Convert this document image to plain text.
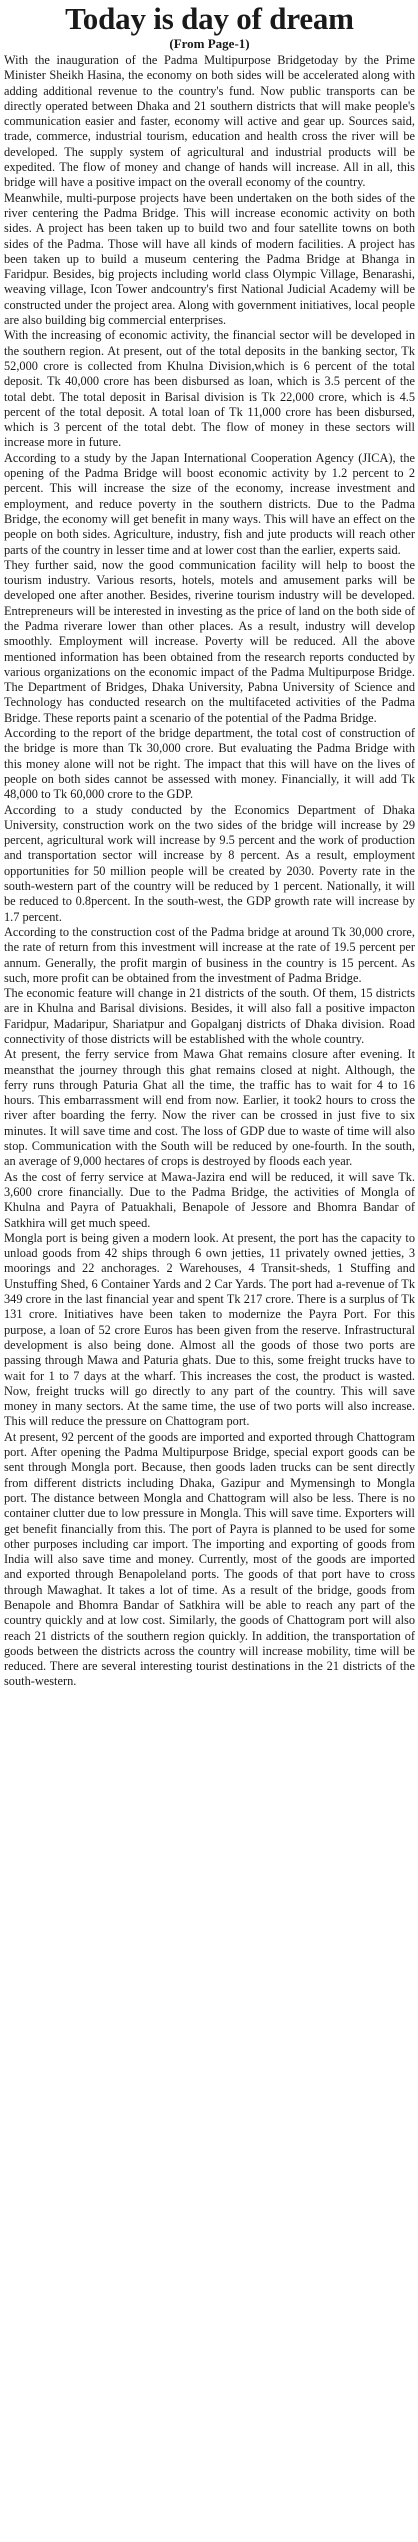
Today is day of dream
(From Page-1)

With the inauguration of the Padma Multipurpose Bridgetoday by the Prime Minister Sheikh Hasina, the economy on both sides will be accelerated along with adding additional revenue to the country's fund. Now public transports can be directly operated between Dhaka and 21 southern districts that will make people's communication easier and faster, economy will active and gear up. Sources said, trade, commerce, industrial tourism, education and health cross the river will be developed. The supply system of agricultural and industrial products will be expedited. The flow of money and change of hands will increase. All in all, this bridge will have a positive impact on the overall economy of the country.

Meanwhile, multi-purpose projects have been undertaken on the both sides of the river centering the Padma Bridge. This will increase economic activity on both sides. A project has been taken up to build two and four satellite towns on both sides of the Padma. Those will have all kinds of modern facilities. A project has been taken up to build a museum centering the Padma Bridge at Bhanga in Faridpur. Besides, big projects including world class Olympic Village, Benarashi, weaving village, Icon Tower andcountry's first National Judicial Academy will be constructed under the project area. Along with government initiatives, local people are also building big commercial enterprises.

With the increasing of economic activity, the financial sector will be developed in the southern region. At present, out of the total deposits in the banking sector, Tk 52,000 crore is collected from Khulna Division,which is 6 percent of the total deposit. Tk 40,000 crore has been disbursed as loan, which is 3.5 percent of the total debt. The total deposit in Barisal division is Tk 22,000 crore, which is 4.5 percent of the total deposit. A total loan of Tk 11,000 crore has been disbursed, which is 3 percent of the total debt. The flow of money in these sectors will increase more in future.

According to a study by the Japan International Cooperation Agency (JICA), the opening of the Padma Bridge will boost economic activity by 1.2 percent to 2 percent. This will increase the size of the economy, increase investment and employment, and reduce poverty in the southern districts. Due to the Padma Bridge, the economy will get benefit in many ways. This will have an effect on the people on both sides. Agriculture, industry, fish and jute products will reach other parts of the country in lesser time and at lower cost than the earlier, experts said.

They further said, now the good communication facility will help to boost the tourism industry. Various resorts, hotels, motels and amusement parks will be developed one after another. Besides, riverine tourism industry will be developed. Entrepreneurs will be interested in investing as the price of land on the both side of the Padma riverare lower than other places. As a result, industry will develop smoothly. Employment will increase. Poverty will be reduced. All the above mentioned information has been obtained from the research reports conducted by various organizations on the economic impact of the Padma Multipurpose Bridge. The Department of Bridges, Dhaka University, Pabna University of Science and Technology has conducted research on the multifaceted activities of the Padma Bridge. These reports paint a scenario of the potential of the Padma Bridge.

According to the report of the bridge department, the total cost of construction of the bridge is more than Tk 30,000 crore. But evaluating the Padma Bridge with this money alone will not be right. The impact that this will have on the lives of people on both sides cannot be assessed with money. Financially, it will add Tk 48,000 to Tk 60,000 crore to the GDP.

According to a study conducted by the Economics Department of Dhaka University, construction work on the two sides of the bridge will increase by 29 percent, agricultural work will increase by 9.5 percent and the work of production and transportation sector will increase by 8 percent. As a result, employment opportunities for 50 million people will be created by 2030. Poverty rate in the south-western part of the country will be reduced by 1 percent. Nationally, it will be reduced to 0.8percent. In the south-west, the GDP growth rate will increase by 1.7 percent.

According to the construction cost of the Padma bridge at around Tk 30,000 crore, the rate of return from this investment will increase at the rate of 19.5 percent per annum. Generally, the profit margin of business in the country is 15 percent. As such, more profit can be obtained from the investment of Padma Bridge.

The economic feature will change in 21 districts of the south. Of them, 15 districts are in Khulna and Barisal divisions. Besides, it will also fall a positive impacton Faridpur, Madaripur, Shariatpur and Gopalganj districts of Dhaka division. Road connectivity of those districts will be established with the whole country.

At present, the ferry service from Mawa Ghat remains closure after evening. It meansthat the journey through this ghat remains closed at night. Although, the ferry runs through Paturia Ghat all the time, the traffic has to wait for 4 to 16 hours. This embarrassment will end from now. Earlier, it took2 hours to cross the river after boarding the ferry. Now the river can be crossed in just five to six minutes. It will save time and cost. The loss of GDP due to waste of time will also stop. Communication with the South will be reduced by one-fourth. In the south, an average of 9,000 hectares of crops is destroyed by floods each year.

As the cost of ferry service at Mawa-Jazira end will be reduced, it will save Tk. 3,600 crore financially. Due to the Padma Bridge, the activities of Mongla of Khulna and Payra of Patuakhali, Benapole of Jessore and Bhomra Bandar of Satkhira will get much speed.

Mongla port is being given a modern look. At present, the port has the capacity to unload goods from 42 ships through 6 own jetties, 11 privately owned jetties, 3 moorings and 22 anchorages. 2 Warehouses, 4 Transit-sheds, 1 Stuffing and Unstuffing Shed, 6 Container Yards and 2 Car Yards. The port had a-revenue of Tk 349 crore in the last financial year and spent Tk 217 crore. There is a surplus of Tk 131 crore. Initiatives have been taken to modernize the Payra Port. For this purpose, a loan of 52 crore Euros has been given from the reserve. Infrastructural development is also being done. Almost all the goods of those two ports are passing through Mawa and Paturia ghats. Due to this, some freight trucks have to wait for 1 to 7 days at the wharf. This increases the cost, the product is wasted. Now, freight trucks will go directly to any part of the country. This will save money in many sectors. At the same time, the use of two ports will also increase. This will reduce the pressure on Chattogram port.

At present, 92 percent of the goods are imported and exported through Chattogram port. After opening the Padma Multipurpose Bridge, special export goods can be sent through Mongla port. Because, then goods laden trucks can be sent directly from different districts including Dhaka, Gazipur and Mymensingh to Mongla port. The distance between Mongla and Chattogram will also be less. There is no container clutter due to low pressure in Mongla. This will save time. Exporters will get benefit financially from this. The port of Payra is planned to be used for some other purposes including car import. The importing and exporting of goods from India will also save time and money. Currently, most of the goods are imported and exported through Benapoleland ports. The goods of that port have to cross through Mawaghat. It takes a lot of time. As a result of the bridge, goods from Benapole and Bhomra Bandar of Satkhira will be able to reach any part of the country quickly and at low cost. Similarly, the goods of Chattogram port will also reach 21 districts of the southern region quickly. In addition, the transportation of goods between the districts across the country will increase mobility, time will be reduced. There are several interesting tourist destinations in the 21 districts of the south-western.
